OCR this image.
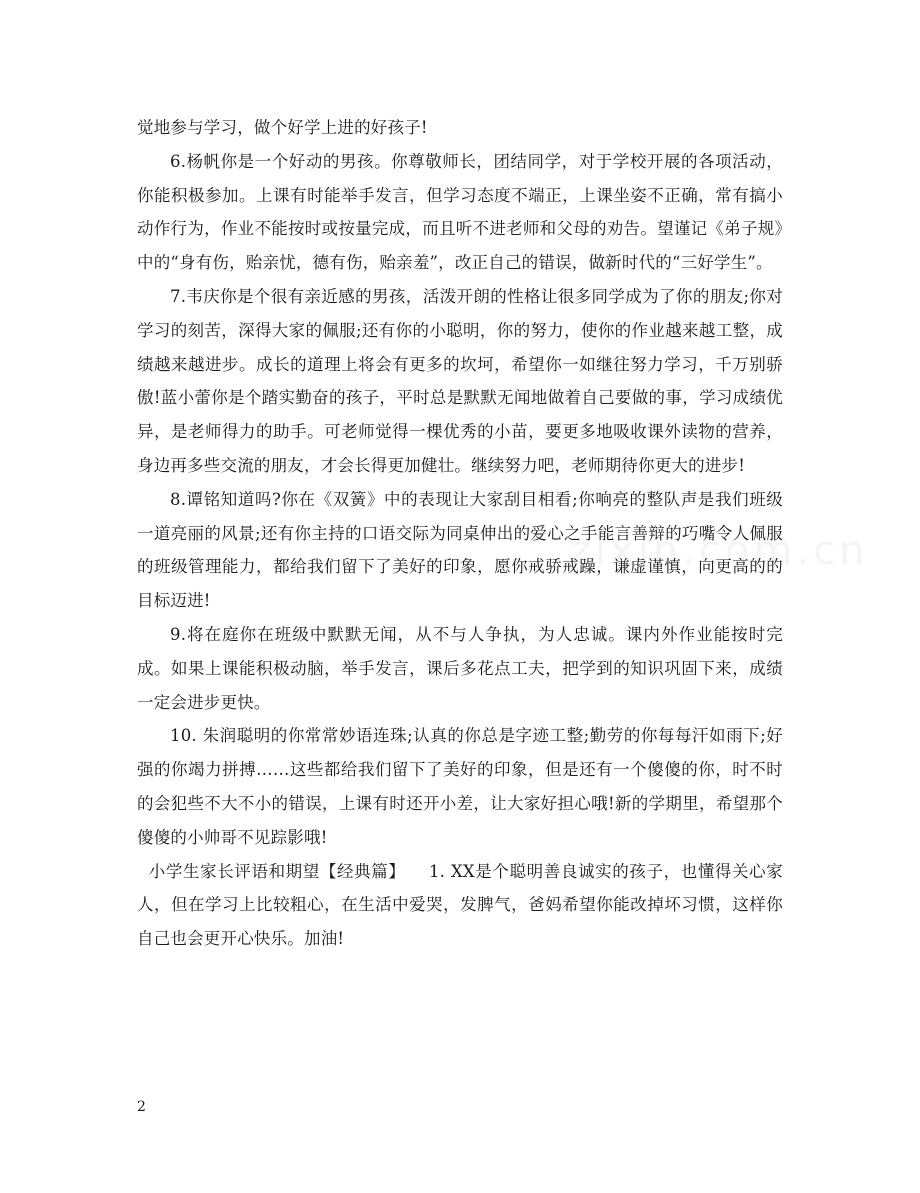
觉地参与学习，做个好学上进的好孩子!

6.杨帆你是一个好动的男孩。你尊敬师长，团结同学，对于学校开展的各项活动，你能积极参加。上课有时能举手发言，但学习态度不端正，上课坐姿不正确，常有搞小动作行为，作业不能按时或按量完成，而且听不进老师和父母的劝告。望谨记《弟子规》中的“身有伤，贻亲忧，德有伤，贻亲羞”，改正自己的错误，做新时代的“三好学生”。

7.韦庆你是个很有亲近感的男孩，活泼开朗的性格让很多同学成为了你的朋友;你对学习的刻苦，深得大家的佩服;还有你的小聪明，你的努力，使你的作业越来越工整，成绩越来越进步。成长的道理上将会有更多的坎坷，希望你一如继往努力学习，千万别骄傲!蓝小蕾你是个踏实勤奋的孩子，平时总是默默无闻地做着自己要做的事，学习成绩优异，是老师得力的助手。可老师觉得一棵优秀的小苗，要更多地吸收课外读物的营养，身边再多些交流的朋友，才会长得更加健壮。继续努力吧，老师期待你更大的进步!

8.谭铭知道吗?你在《双簧》中的表现让大家刮目相看;你响亮的整队声是我们班级一道亮丽的风景;还有你主持的口语交际为同桌伸出的爱心之手能言善辩的巧嘴令人佩服的班级管理能力，都给我们留下了美好的印象，愿你戒骄戒躁，谦虚谨慎，向更高的的目标迈进!

9.将在庭你在班级中默默无闻，从不与人争执，为人忠诚。课内外作业能按时完成。如果上课能积极动脑，举手发言，课后多花点工夫，把学到的知识巩固下来，成绩一定会进步更快。

10. 朱润聪明的你常常妙语连珠;认真的你总是字迹工整;勤劳的你每每汗如雨下;好强的你竭力拼搏……这些都给我们留下了美好的印象，但是还有一个傻傻的你，时不时的会犯些不大不小的错误，上课有时还开小差，让大家好担心哦!新的学期里，希望那个傻傻的小帅哥不见踪影哦!

小学生家长评语和期望【经典篇】    1. XX是个聪明善良诚实的孩子，也懂得关心家人，但在学习上比较粗心，在生活中爱哭，发脾气，爸妈希望你能改掉坏习惯，这样你自己也会更开心快乐。加油!

2
